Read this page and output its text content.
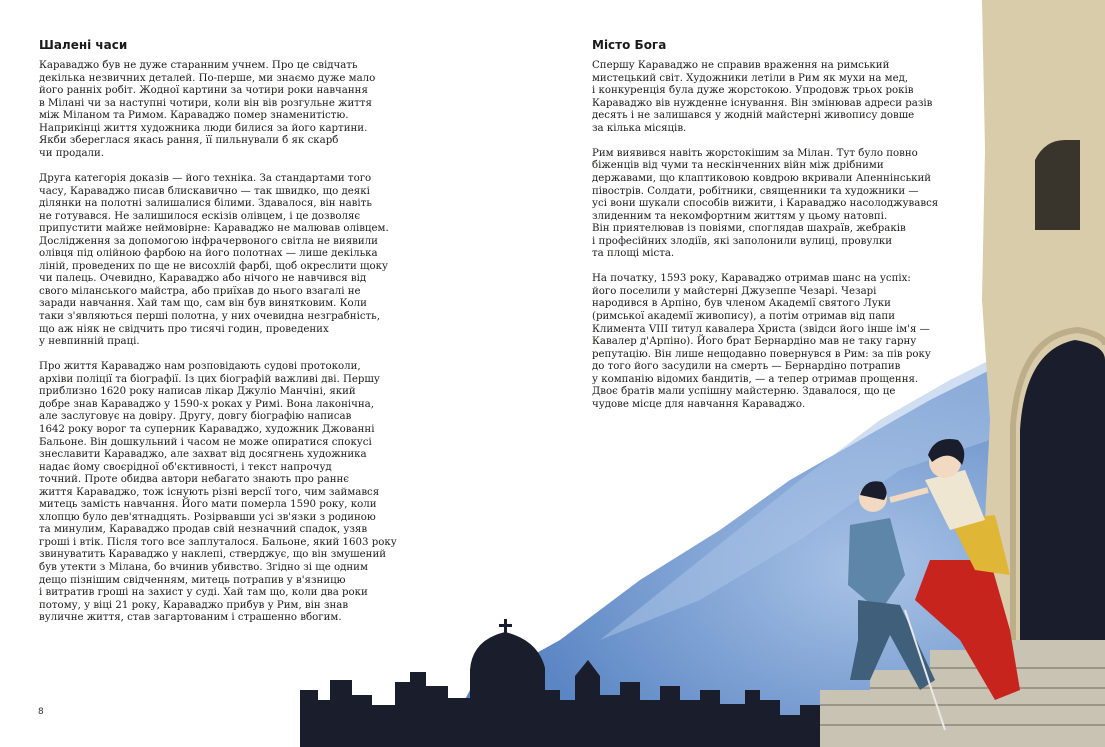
Шалені часи

Караваджо був не дуже старанним учнем. Про це свідчать
декілька незвичних деталей. По-перше, ми знаємо дуже мало
його ранніх робіт. Жодної картини за чотири роки навчання
в Мілані чи за наступні чотири, коли він вів розгульне життя
між Міланом та Римом. Караваджо помер знаменитістю.
Наприкінці життя художника люди билися за його картини.
Якби збереглася якась рання, її пильнували б як скарб
чи продали.

Друга категорія доказів — його техніка. За стандартами того
часу, Караваджо писав блискавично — так швидко, що деякі
ділянки на полотні залишалися білими. Здавалося, він навіть
не готувався. Не залишилося ескізів олівцем, і це дозволяє
припустити майже неймовірне: Караваджо не малював олівцем.
Дослідження за допомогою інфрачервоного світла не виявили
олівця під олійною фарбою на його полотнах — лише декілька
ліній, проведених по ще не висохлій фарбі, щоб окреслити щоку
чи палець. Очевидно, Караваджо або нічого не навчився від
свого міланського майстра, або приїхав до нього взагалі не
заради навчання. Хай там що, сам він був винятковим. Коли
таки з'являються перші полотна, у них очевидна незграбність,
що аж ніяк не свідчить про тисячі годин, проведених
у невпинній праці.

Про життя Караваджо нам розповідають судові протоколи,
архіви поліції та біографії. Із цих біографій важливі дві. Першу
приблизно 1620 року написав лікар Джуліо Манчіні, який
добре знав Караваджо у 1590-х роках у Римі. Вона лаконічна,
але заслуговує на довіру. Другу, довгу біографію написав
1642 року ворог та суперник Караваджо, художник Джованні
Бальоне. Він дошкульний і часом не може опиратися спокусі
знеславити Караваджо, але захват від досягнень художника
надає йому своєрідної об'єктивності, і текст напрочуд
точний. Проте обидва автори небагато знають про раннє
життя Караваджо, тож існують різні версії того, чим займався
митець замість навчання. Його мати померла 1590 року, коли
хлопцю було дев'ятнадцять. Розірвавши усі зв'язки з родиною
та минулим, Караваджо продав свій незначний спадок, узяв
гроші і втік. Після того все заплуталося. Бальоне, який 1603 року
звинуватить Караваджо у наклепі, стверджує, що він змушений
був утекти з Мілана, бо вчинив убивство. Згідно зі ще одним
дещо пізнішим свідченням, митець потрапив у в'язницю
і витратив гроші на захист у суді. Хай там що, коли два роки
потому, у віці 21 року, Караваджо прибув у Рим, він знав
вуличне життя, став загартованим і страшенно вбогим.

8
Місто Бога

Спершу Караваджо не справив враження на римський
мистецький світ. Художники летіли в Рим як мухи на мед,
і конкуренція була дуже жорстокою. Упродовж трьох років
Караваджо вів нужденне існування. Він змінював адреси разів
десять і не залишався у жодній майстерні живопису довше
за кілька місяців.

Рим виявився навіть жорстокішим за Мілан. Тут було повно
біженців від чуми та нескінченних війн між дрібними
державами, що клаптиковою ковдрою вкривали Апеннінський
півострів. Солдати, робітники, священники та художники —
усі вони шукали способів вижити, і Караваджо насолоджувався
злиденним та некомфортним життям у цьому натовпі.
Він приятелював із повіями, споглядав шахраїв, жебраків
і професійних злодіїв, які заполонили вулиці, провулки
та площі міста.

На початку, 1593 року, Караваджо отримав шанс на успіх:
його поселили у майстерні Джузеппе Чезарі. Чезарі
народився в Арпіно, був членом Академії святого Луки
(римської академії живопису), а потім отримав від папи
Климента VIII титул кавалера Христа (звідси його інше ім'я —
Кавалер д'Арпіно). Його брат Бернардіно мав не таку гарну
репутацію. Він лише нещодавно повернувся в Рим: за пів року
до того його засудили на смерть — Бернардіно потрапив
у компанію відомих бандитів, — а тепер отримав прощення.
Двоє братів мали успішну майстерню. Здавалося, що це
чудове місце для навчання Караваджо.
